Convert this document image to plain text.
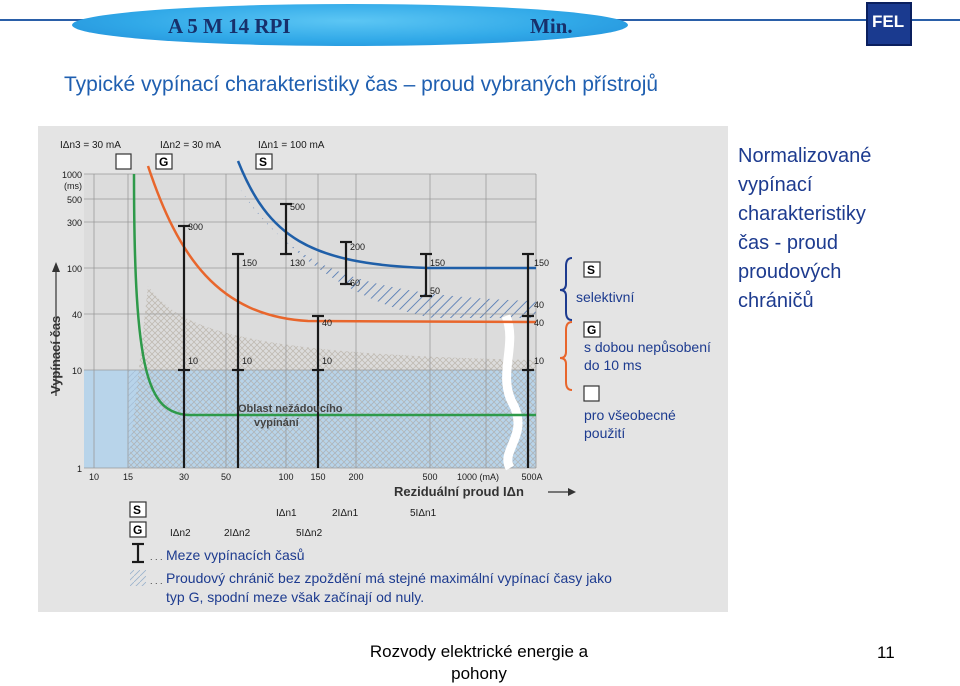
A 5 M 14 RPI	Min.	FEL
Typické vypínací charakteristiky čas – proud vybraných přístrojů
300
150	130
500
200
60
150
50
150
40
40
10	10	10	10
40
IΔn3 = 30 mA	IΔn2 = 30 mA	IΔn1 = 100 mA
G	S
1000
(ms)
500
300
100
40
10
1
Vypínací čas
10	15	30	50	100 150	200	500 1000 (mA) 500A
Reziduální proud IΔn
Oblast nežádoucího
vypínání
S
selektivní
G
s dobou nepůsobení
do 10 ms
pro všeobecné
použití
S
G
IΔn1	2IΔn1	5IΔn1
IΔn2	2IΔn2	5IΔn2
. . .
. . .
Meze vypínacích časů
Proudový chránič bez zpoždění má stejné maximální vypínací časy jako
typ G, spodní meze však začínají od nuly.
Normalizované
vypínací
charakteristiky
čas - proud
proudových
chráničů
Rozvody elektrické energie a pohony
11
